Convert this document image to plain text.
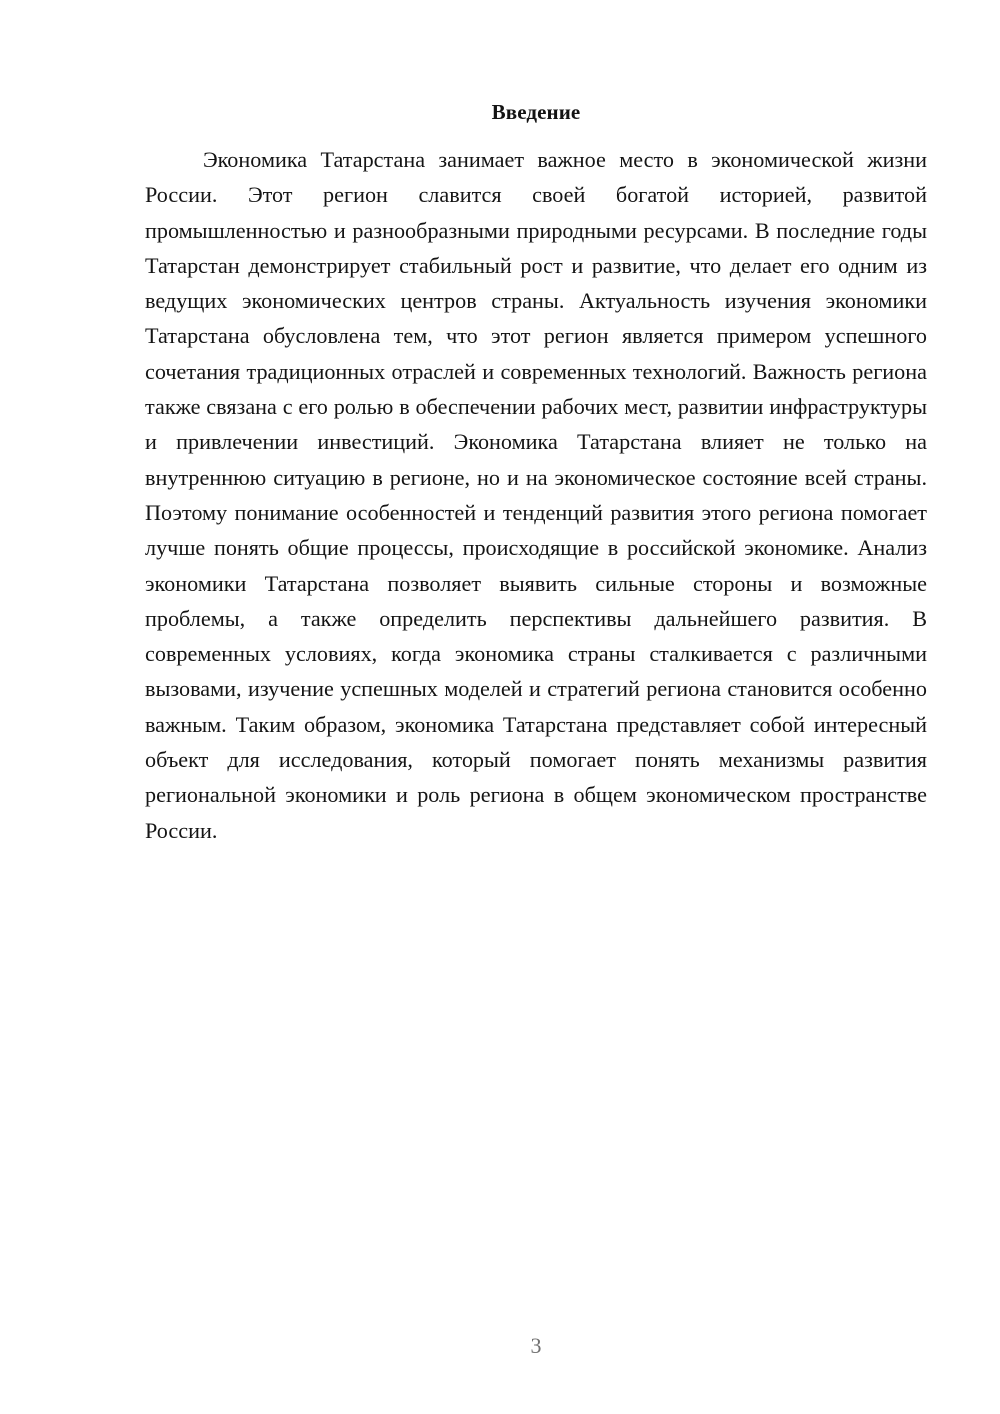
Введение

Экономика Татарстана занимает важное место в экономической жизни России. Этот регион славится своей богатой историей, развитой промышленностью и разнообразными природными ресурсами. В последние годы Татарстан демонстрирует стабильный рост и развитие, что делает его одним из ведущих экономических центров страны. Актуальность изучения экономики Татарстана обусловлена тем, что этот регион является примером успешного сочетания традиционных отраслей и современных технологий. Важность региона также связана с его ролью в обеспечении рабочих мест, развитии инфраструктуры и привлечении инвестиций. Экономика Татарстана влияет не только на внутреннюю ситуацию в регионе, но и на экономическое состояние всей страны. Поэтому понимание особенностей и тенденций развития этого региона помогает лучше понять общие процессы, происходящие в российской экономике. Анализ экономики Татарстана позволяет выявить сильные стороны и возможные проблемы, а также определить перспективы дальнейшего развития. В современных условиях, когда экономика страны сталкивается с различными вызовами, изучение успешных моделей и стратегий региона становится особенно важным. Таким образом, экономика Татарстана представляет собой интересный объект для исследования, который помогает понять механизмы развития региональной экономики и роль региона в общем экономическом пространстве России.

3
